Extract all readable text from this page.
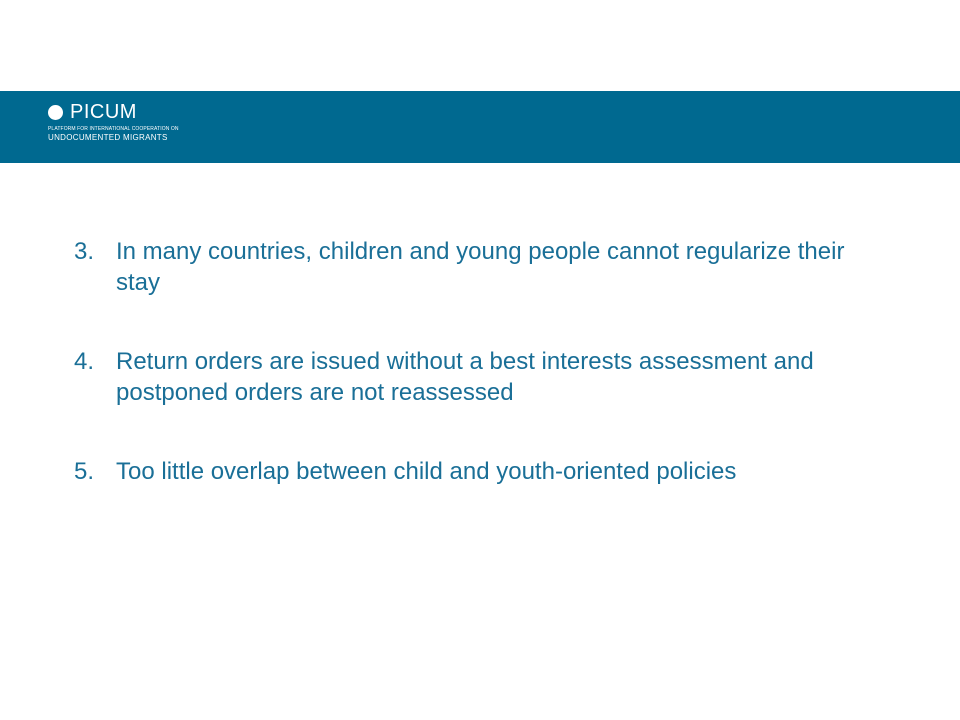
PICUM
PLATFORM FOR INTERNATIONAL COOPERATION ON
UNDOCUMENTED MIGRANTS
3. In many countries, children and young people cannot regularize their stay
4. Return orders are issued without a best interests assessment and postponed orders are not reassessed
5. Too little overlap between child and youth-oriented policies
